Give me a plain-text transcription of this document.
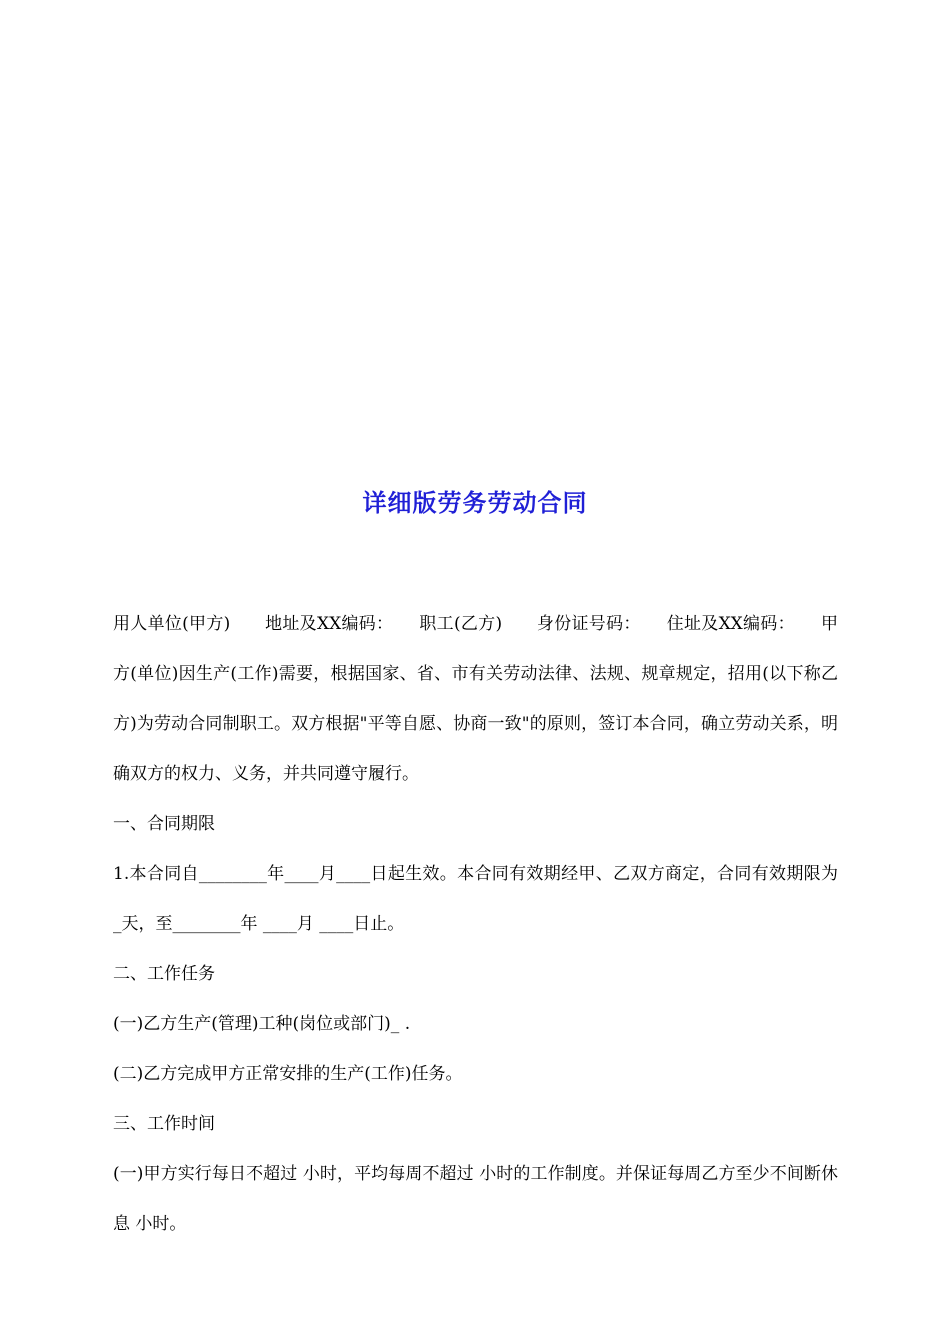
详细版劳务劳动合同

用人单位(甲方)　　地址及XX编码：　　职工(乙方)　　身份证号码：　　住址及XX编码：　　甲方(单位)因生产(工作)需要，根据国家、省、市有关劳动法律、法规、规章规定，招用(以下称乙方)为劳动合同制职工。双方根据"平等自愿、协商一致"的原则，签订本合同，确立劳动关系，明确双方的权力、义务，并共同遵守履行。

一、合同期限

1.本合同自________年____月____日起生效。本合同有效期经甲、乙双方商定，合同有效期限为 _天，至________年 ____月 ____日止。

二、工作任务

(一)乙方生产(管理)工种(岗位或部门)_ .

(二)乙方完成甲方正常安排的生产(工作)任务。

三、工作时间

(一)甲方实行每日不超过 小时，平均每周不超过 小时的工作制度。并保证每周乙方至少不间断休息 小时。
